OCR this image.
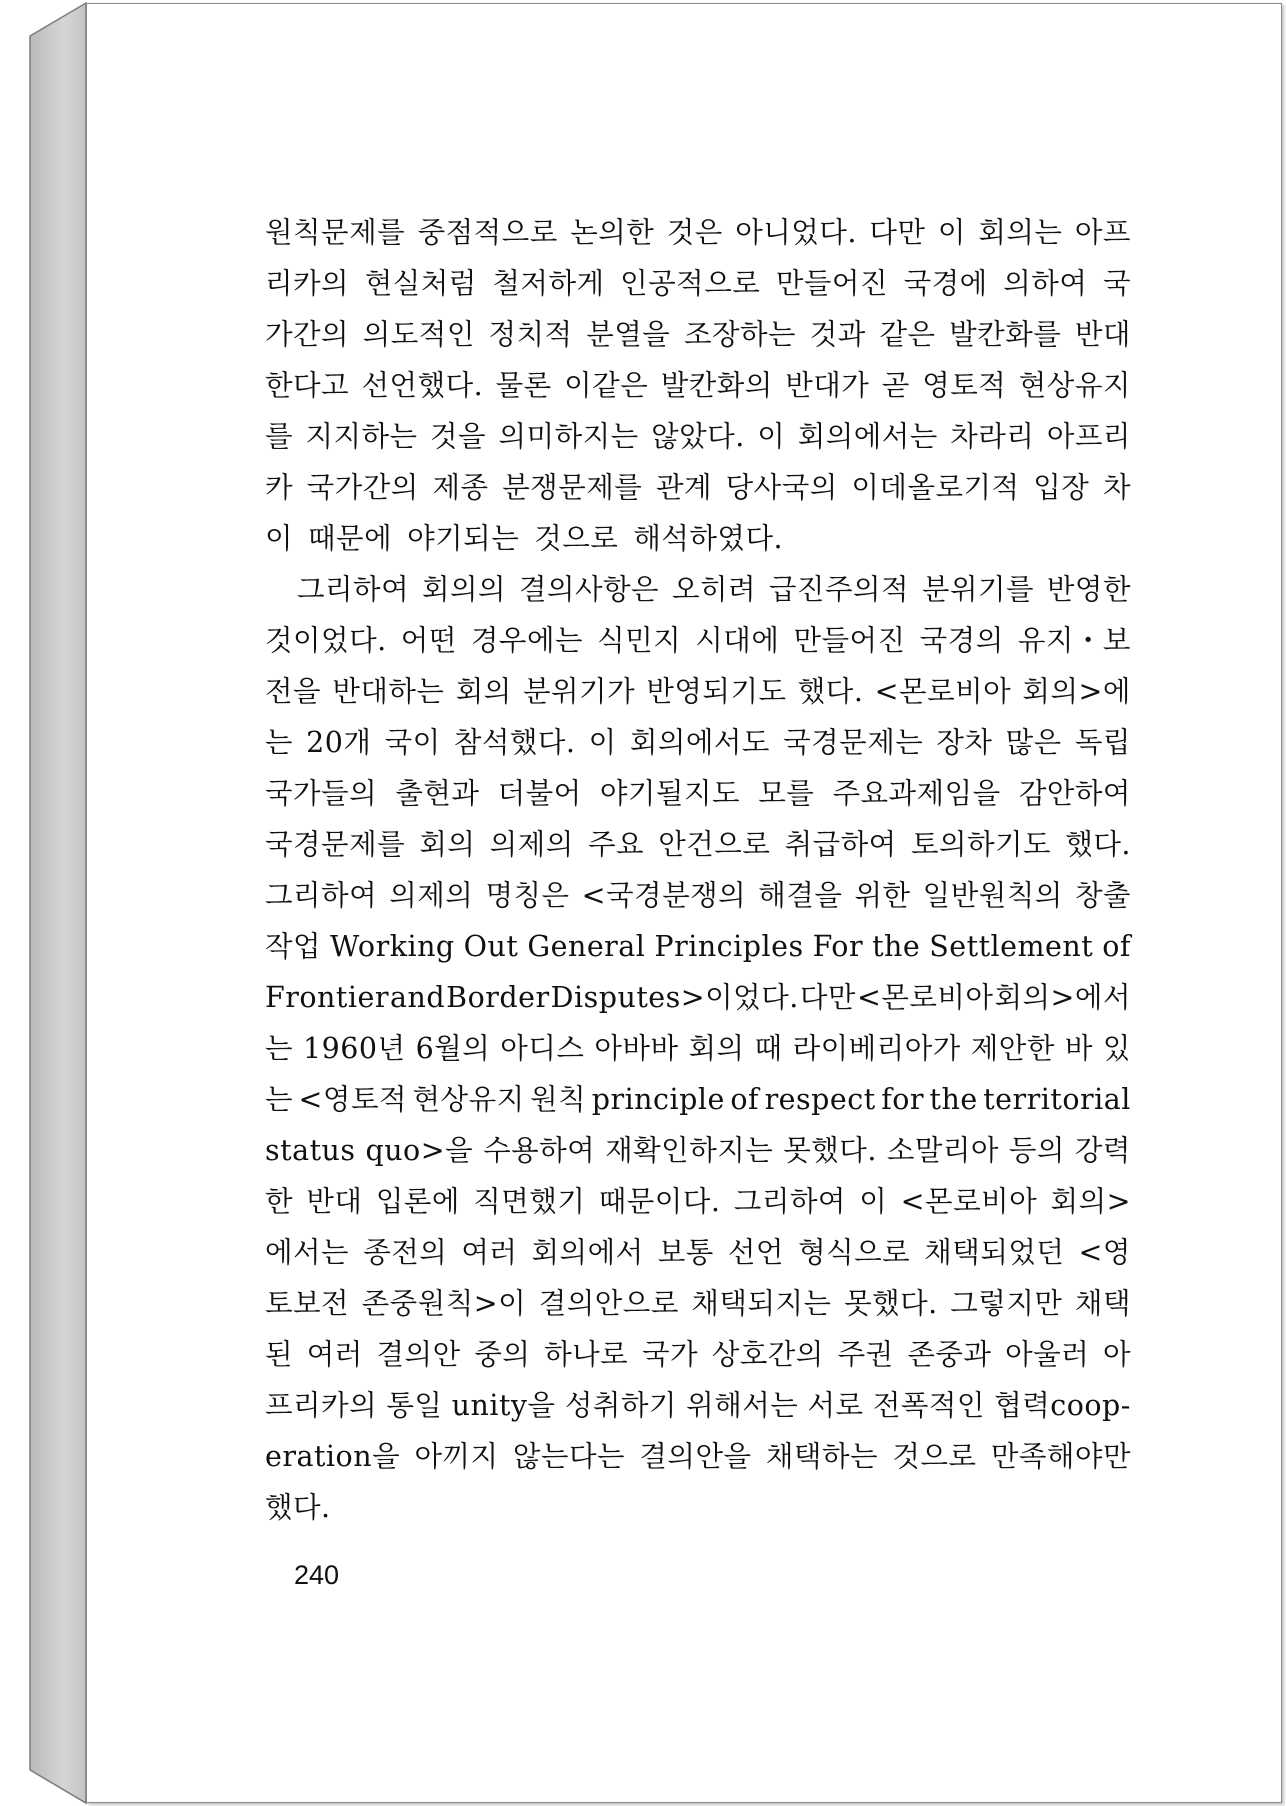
원칙문제를 중점적으로 논의한 것은 아니었다. 다만 이 회의는 아프
리카의 현실처럼 철저하게 인공적으로 만들어진 국경에 의하여 국
가간의 의도적인 정치적 분열을 조장하는 것과 같은 발칸화를 반대
한다고 선언했다. 물론 이같은 발칸화의 반대가 곧 영토적 현상유지
를 지지하는 것을 의미하지는 않았다. 이 회의에서는 차라리 아프리
카 국가간의 제종 분쟁문제를 관계 당사국의 이데올로기적 입장 차
이 때문에 야기되는 것으로 해석하였다.
그리하여 회의의 결의사항은 오히려 급진주의적 분위기를 반영한
것이었다. 어떤 경우에는 식민지 시대에 만들어진 국경의 유지・보
전을 반대하는 회의 분위기가 반영되기도 했다. <몬로비아 회의>에
는 20개 국이 참석했다. 이 회의에서도 국경문제는 장차 많은 독립
국가들의 출현과 더불어 야기될지도 모를 주요과제임을 감안하여
국경문제를 회의 의제의 주요 안건으로 취급하여 토의하기도 했다.
그리하여 의제의 명칭은 <국경분쟁의 해결을 위한 일반원칙의 창출
작업 Working Out General Principles For the Settlement of
Frontier and Border Disputes>이었다. 다만 <몬로비아 회의>에서
는 1960년 6월의 아디스 아바바 회의 때 라이베리아가 제안한 바 있
는 <영토적 현상유지 원칙 principle of respect for the territorial
status quo>을 수용하여 재확인하지는 못했다. 소말리아 등의 강력
한 반대 입론에 직면했기 때문이다. 그리하여 이 <몬로비아 회의>
에서는 종전의 여러 회의에서 보통 선언 형식으로 채택되었던 <영
토보전 존중원칙>이 결의안으로 채택되지는 못했다. 그렇지만 채택
된 여러 결의안 중의 하나로 국가 상호간의 주권 존중과 아울러 아
프리카의 통일 unity을 성취하기 위해서는 서로 전폭적인 협력coop-
eration을 아끼지 않는다는 결의안을 채택하는 것으로 만족해야만
했다.
240
